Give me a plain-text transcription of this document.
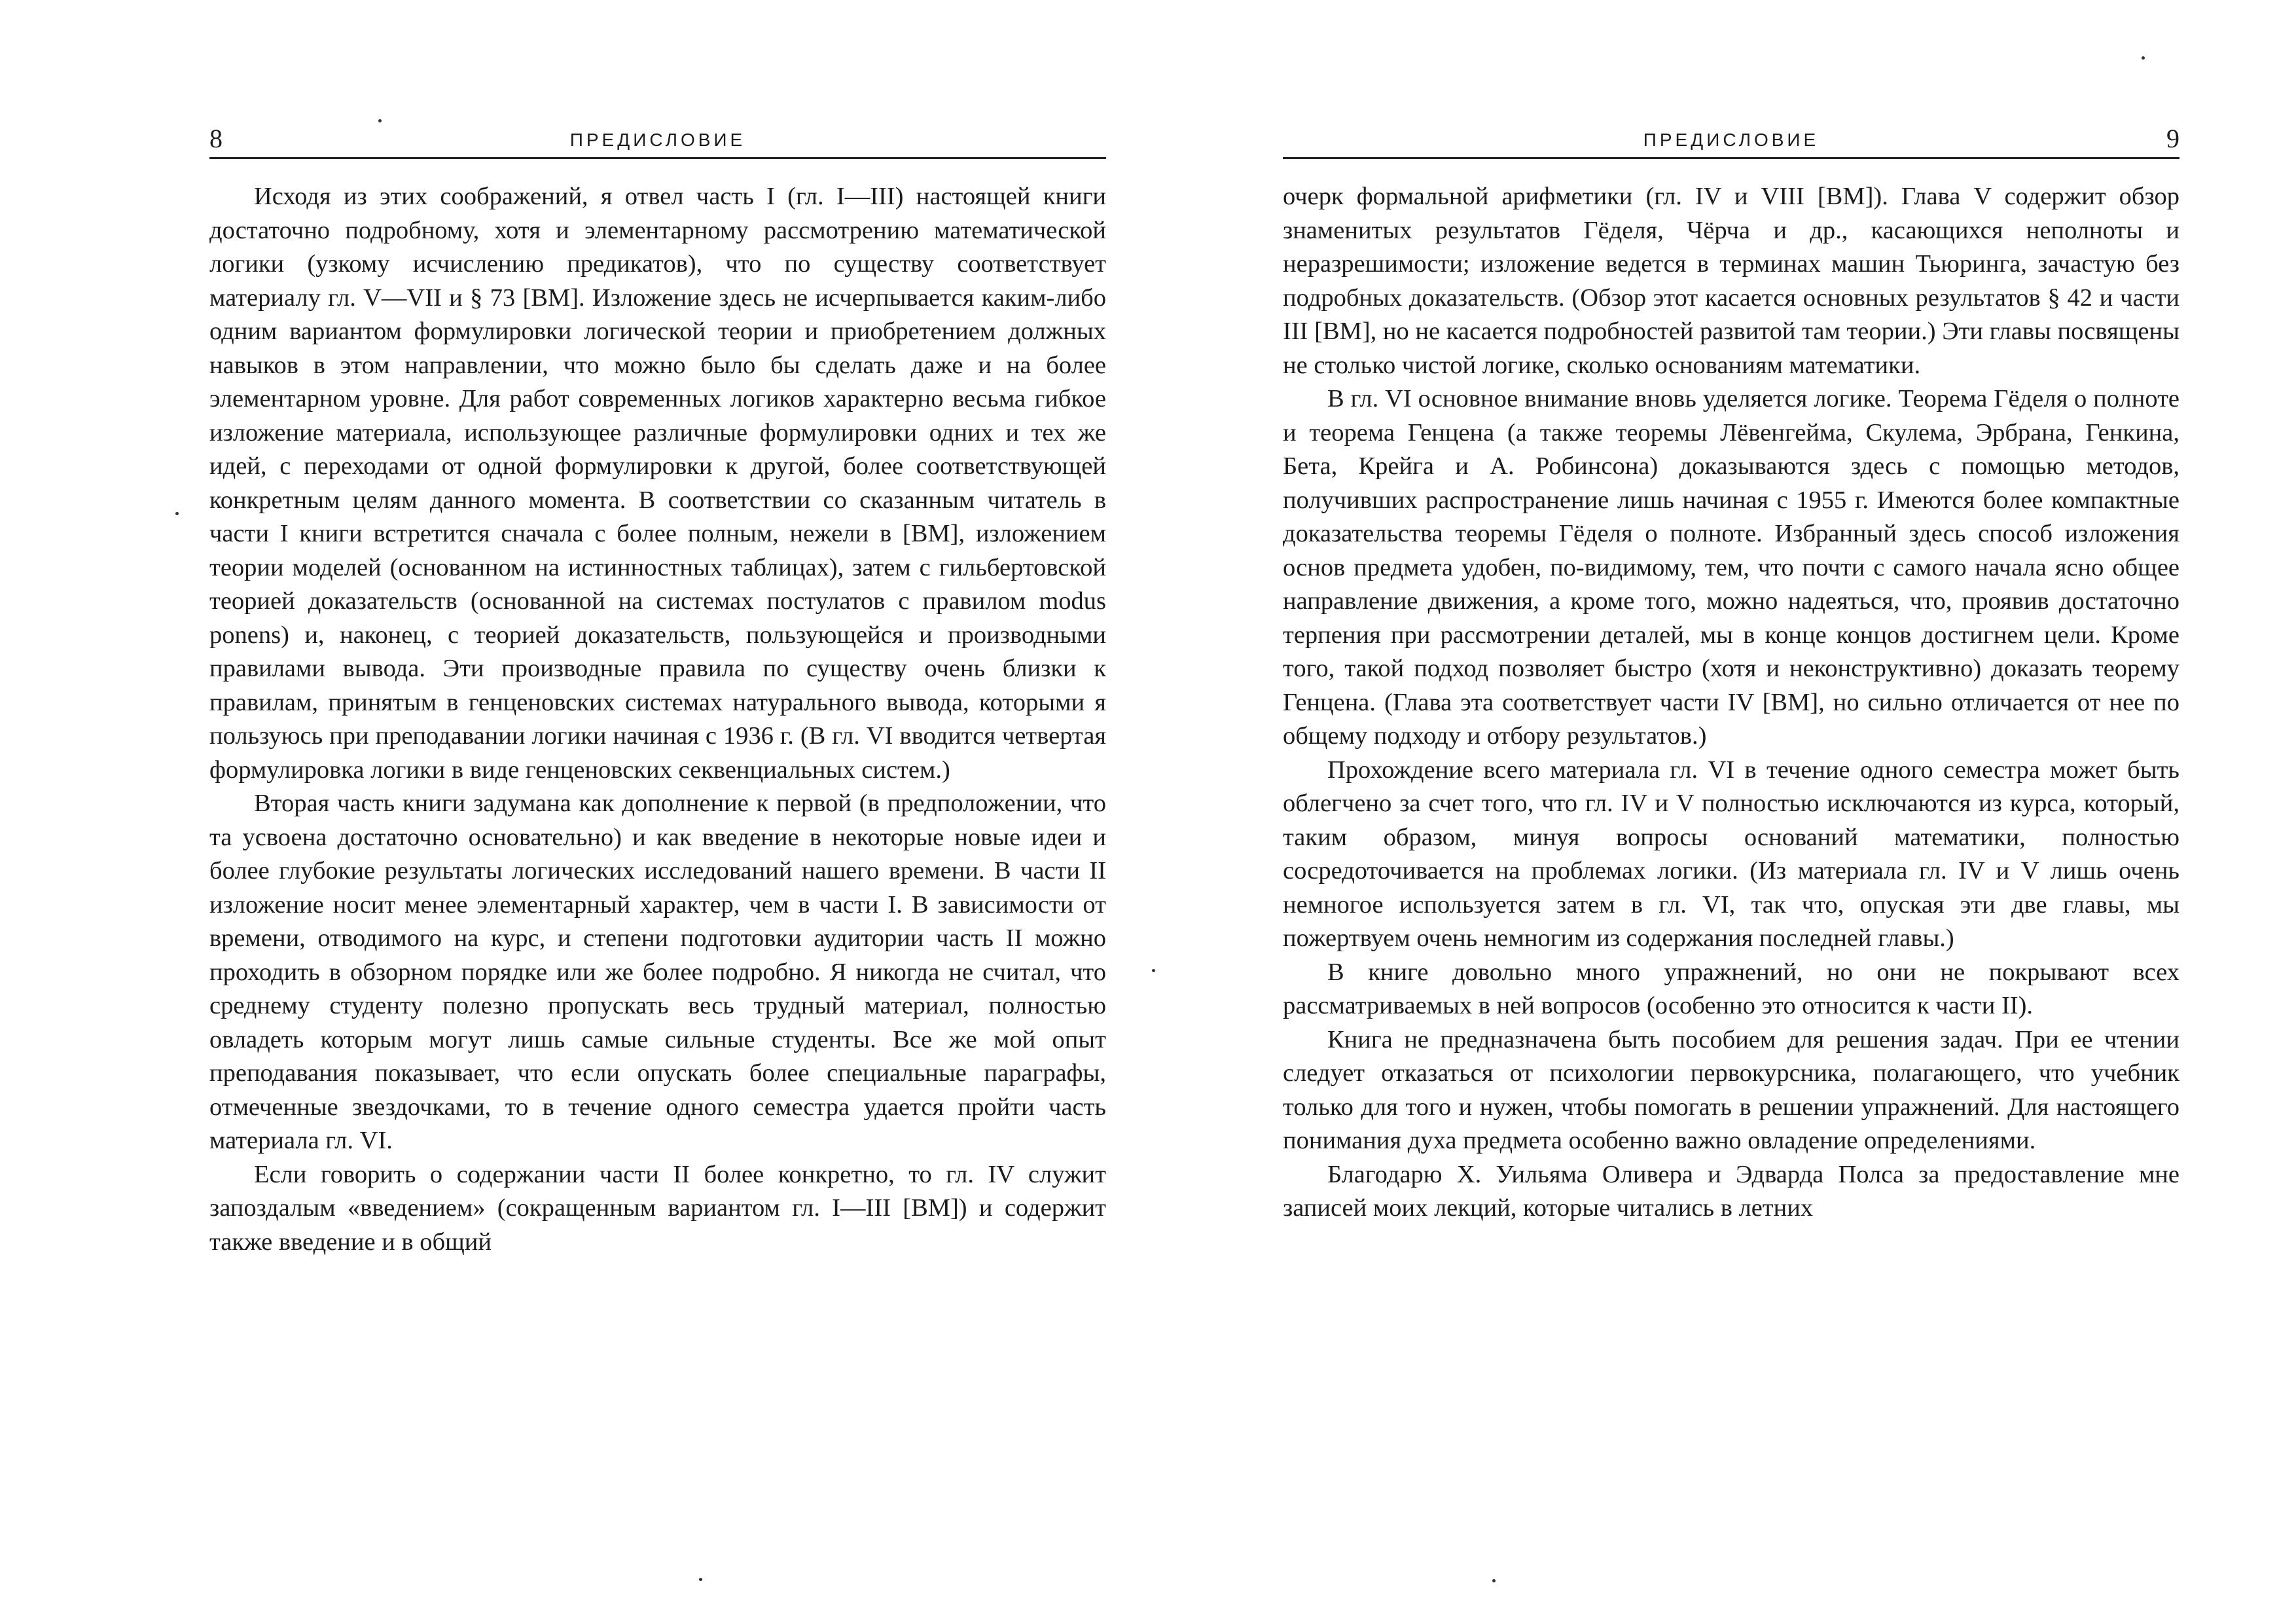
8	ПРЕДИСЛОВИЕ

Исходя из этих соображений, я отвел часть I (гл. I—III) настоящей книги достаточно подробному, хотя и элементарному рассмотрению математической логики (узкому исчислению предикатов), что по существу соответствует материалу гл. V—VII и § 73 [ВМ]. Изложение здесь не исчерпывается каким-либо одним вариантом формулировки логической теории и приобретением должных навыков в этом направлении, что можно было бы сделать даже и на более элементарном уровне. Для работ современных логиков характерно весьма гибкое изложение материала, использующее различные формулировки одних и тех же идей, с переходами от одной формулировки к другой, более соответствующей конкретным целям данного момента. В соответствии со сказанным читатель в части I книги встретится сначала с более полным, нежели в [ВМ], изложением теории моделей (основанном на истинностных таблицах), затем с гильбертовской теорией доказательств (основанной на системах постулатов с правилом modus ponens) и, наконец, с теорией доказательств, пользующейся и производными правилами вывода. Эти производные правила по существу очень близки к правилам, принятым в генценовских системах натурального вывода, которыми я пользуюсь при преподавании логики начиная с 1936 г. (В гл. VI вводится четвертая формулировка логики в виде генценовских секвенциальных систем.)

Вторая часть книги задумана как дополнение к первой (в предположении, что та усвоена достаточно основательно) и как введение в некоторые новые идеи и более глубокие результаты логических исследований нашего времени. В части II изложение носит менее элементарный характер, чем в части I. В зависимости от времени, отводимого на курс, и степени подготовки аудитории часть II можно проходить в обзорном порядке или же более подробно. Я никогда не считал, что среднему студенту полезно пропускать весь трудный материал, полностью овладеть которым могут лишь самые сильные студенты. Все же мой опыт преподавания показывает, что если опускать более специальные параграфы, отмеченные звездочками, то в течение одного семестра удается пройти часть материала гл. VI.

Если говорить о содержании части II более конкретно, то гл. IV служит запоздалым «введением» (сокращенным вариантом гл. I—III [ВМ]) и содержит также введение и в общий

ПРЕДИСЛОВИЕ	9

очерк формальной арифметики (гл. IV и VIII [ВМ]). Глава V содержит обзор знаменитых результатов Гёделя, Чёрча и др., касающихся неполноты и неразрешимости; изложение ведется в терминах машин Тьюринга, зачастую без подробных доказательств. (Обзор этот касается основных результатов § 42 и части III [ВМ], но не касается подробностей развитой там теории.) Эти главы посвящены не столько чистой логике, сколько основаниям математики.

В гл. VI основное внимание вновь уделяется логике. Теорема Гёделя о полноте и теорема Генцена (а также теоремы Лёвенгейма, Скулема, Эрбрана, Генкина, Бета, Крейга и А. Робинсона) доказываются здесь с помощью методов, получивших распространение лишь начиная с 1955 г. Имеются более компактные доказательства теоремы Гёделя о полноте. Избранный здесь способ изложения основ предмета удобен, по-видимому, тем, что почти с самого начала ясно общее направление движения, а кроме того, можно надеяться, что, проявив достаточно терпения при рассмотрении деталей, мы в конце концов достигнем цели. Кроме того, такой подход позволяет быстро (хотя и неконструктивно) доказать теорему Генцена. (Глава эта соответствует части IV [ВМ], но сильно отличается от нее по общему подходу и отбору результатов.)

Прохождение всего материала гл. VI в течение одного семестра может быть облегчено за счет того, что гл. IV и V полностью исключаются из курса, который, таким образом, минуя вопросы оснований математики, полностью сосредоточивается на проблемах логики. (Из материала гл. IV и V лишь очень немногое используется затем в гл. VI, так что, опуская эти две главы, мы пожертвуем очень немногим из содержания последней главы.)

В книге довольно много упражнений, но они не покрывают всех рассматриваемых в ней вопросов (особенно это относится к части II).

Книга не предназначена быть пособием для решения задач. При ее чтении следует отказаться от психологии первокурсника, полагающего, что учебник только для того и нужен, чтобы помогать в решении упражнений. Для настоящего понимания духа предмета особенно важно овладение определениями.

Благодарю Х. Уильяма Оливера и Эдварда Полса за предоставление мне записей моих лекций, которые читались в летних
